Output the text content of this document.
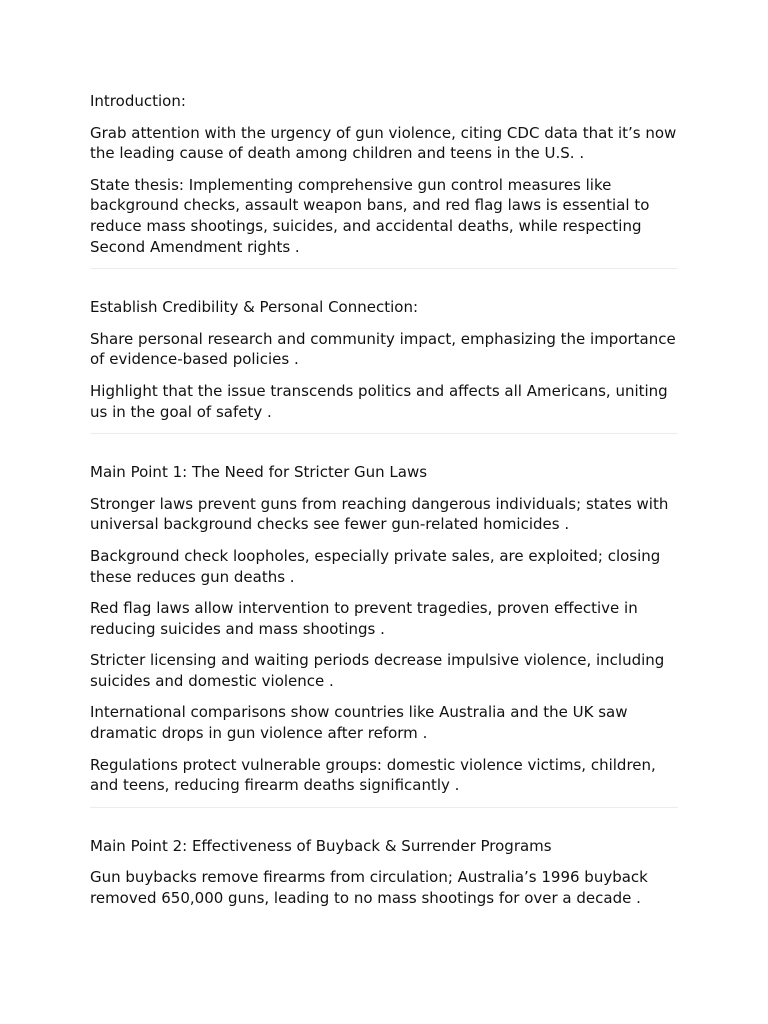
Introduction:

Grab attention with the urgency of gun violence, citing CDC data that it’s now the leading cause of death among children and teens in the U.S. .

State thesis: Implementing comprehensive gun control measures like background checks, assault weapon bans, and red flag laws is essential to reduce mass shootings, suicides, and accidental deaths, while respecting Second Amendment rights .

Establish Credibility & Personal Connection:

Share personal research and community impact, emphasizing the importance of evidence-based policies .

Highlight that the issue transcends politics and affects all Americans, uniting us in the goal of safety .

Main Point 1: The Need for Stricter Gun Laws

Stronger laws prevent guns from reaching dangerous individuals; states with universal background checks see fewer gun-related homicides .

Background check loopholes, especially private sales, are exploited; closing these reduces gun deaths .

Red flag laws allow intervention to prevent tragedies, proven effective in reducing suicides and mass shootings .

Stricter licensing and waiting periods decrease impulsive violence, including suicides and domestic violence .

International comparisons show countries like Australia and the UK saw dramatic drops in gun violence after reform .

Regulations protect vulnerable groups: domestic violence victims, children, and teens, reducing firearm deaths significantly .

Main Point 2: Effectiveness of Buyback & Surrender Programs

Gun buybacks remove firearms from circulation; Australia’s 1996 buyback removed 650,000 guns, leading to no mass shootings for over a decade .
